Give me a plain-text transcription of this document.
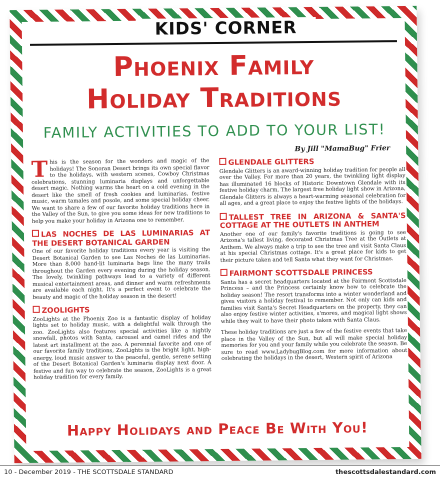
KIDS' CORNER
Phoenix Family
Holiday Traditions
FAMILY ACTIVITIES TO ADD TO YOUR LIST!
By Jill "MamaBug" Frier

This is the season for the wonders and magic of the holidays! The Sonoran Desert brings its own special flavor to the holidays, with western scenes, Cowboy Christmas celebrations, stunning luminaria displays and unforgettable desert magic. Nothing warms the heart on a cold evening in the desert like the smell of fresh cookies and luminarias, festive music, warm tamales and posole, and some special holiday cheer. We want to share a few of our favorite holiday traditions here in the Valley of the Sun, to give you some ideas for new traditions to help you make your holiday in Arizona one to remember.

LAS NOCHES DE LAS LUMINARIAS AT THE DESERT BOTANICAL GARDEN

One of our favorite holiday traditions every year is visiting the Desert Botanical Garden to see Las Noches de las Luminarias. More than 8,000 hand-lit luminaria bags line the many trails throughout the Garden every evening during the holiday season. The lovely, twinkling pathways lead to a variety of different musical entertainment areas, and dinner and warm refreshments are available each night. It's a perfect event to celebrate the beauty and magic of the holiday season in the desert!

ZOOLIGHTS

ZooLights at the Phoenix Zoo is a fantastic display of holiday lights set to holiday music, with a delightful walk through the zoo. ZooLights also features special activities like a nightly snowfall, photos with Santa, carousel and camel rides and the latest art installment at the zoo. A perennial favorite and one of our favorite family traditions, ZooLights is the bright light, high-energy, loud music answer to the peaceful, gentle, serene setting of the Desert Botanical Garden's luminaria display next door. A festive and fun way to celebrate the season, ZooLights is a great holiday tradition for every family.

GLENDALE GLITTERS

Glendale Glitters is an award-winning holiday tradition for people all over the Valley. For more than 20 years, the twinkling light display has illuminated 16 blocks of Historic Downtown Glendale with its festive holiday charm. The largest free holiday light show in Arizona, Glendale Glitters is always a heart-warming seasonal celebration for all ages, and a great place to enjoy the festive lights of the holidays.

TALLEST TREE IN ARIZONA & SANTA'S COTTAGE AT THE OUTLETS IN ANTHEM

Another one of our family's favorite traditions is going to see Arizona's tallest living, decorated Christmas Tree at the Outlets at Anthem. We always make a trip to see the tree and visit Santa Claus at his special Christmas cottage. It's a great place for kids to get their picture taken and tell Santa what they want for Christmas.

FAIRMONT SCOTTSDALE PRINCESS

Santa has a secret headquarters located at the Fairmont Scottsdale Princess – and the Princess certainly know how to celebrate the holiday season! The resort transforms into a winter wonderland and gives visitors a holiday festival to remember. Not only can kids and families visit Santa's Secret Headquarters on the property, they can also enjoy festive winter activities, s'mores, and magical light shows while they wait to have their photo taken with Santa Claus.

These holiday traditions are just a few of the festive events that take place in the Valley of the Sun, but all will make special holiday memories for you and your family while you celebrate the season. Be sure to read www.LadybugBlog.com for more information about celebrating the holidays in the desert, Western spirit of Arizona

Happy Holidays and Peace Be With You!
10 - December 2019 - THE SCOTTSDALE STANDARD	thescottsdalestandard.com
